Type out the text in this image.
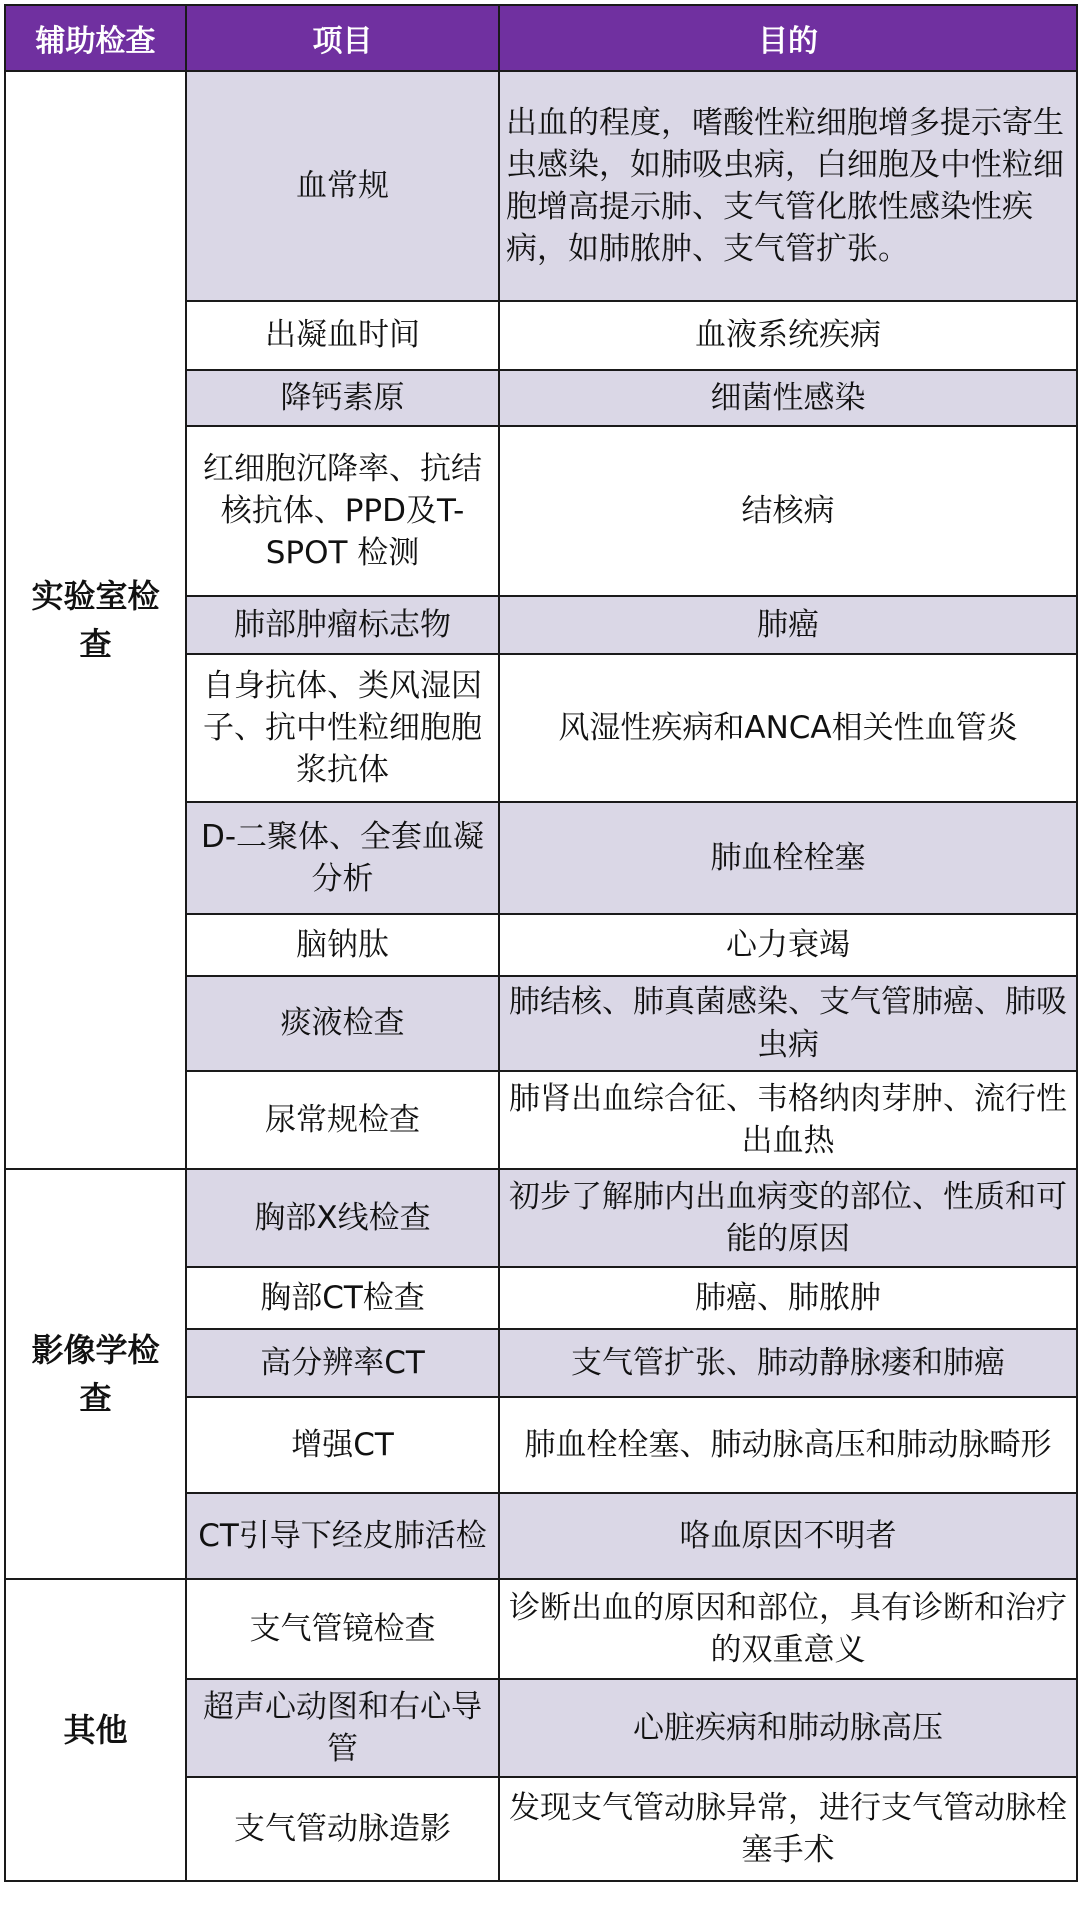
辅助检查	项目	目的
实验室检查	血常规	出血的程度，嗜酸性粒细胞增多提示寄生虫感染，如肺吸虫病，白细胞及中性粒细胞增高提示肺、支气管化脓性感染性疾病，如肺脓肿、支气管扩张。
	出凝血时间	血液系统疾病
	降钙素原	细菌性感染
	红细胞沉降率、抗结核抗体、PPD及T-SPOT 检测	结核病
	肺部肿瘤标志物	肺癌
	自身抗体、类风湿因子、抗中性粒细胞胞浆抗体	风湿性疾病和ANCA相关性血管炎
	D-二聚体、全套血凝分析	肺血栓栓塞
	脑钠肽	心力衰竭
	痰液检查	肺结核、肺真菌感染、支气管肺癌、肺吸虫病
	尿常规检查	肺肾出血综合征、韦格纳肉芽肿、流行性出血热
影像学检查	胸部X线检查	初步了解肺内出血病变的部位、性质和可能的原因
	胸部CT检查	肺癌、肺脓肿
	高分辨率CT	支气管扩张、肺动静脉瘘和肺癌
	增强CT	肺血栓栓塞、肺动脉高压和肺动脉畸形
	CT引导下经皮肺活检	咯血原因不明者
其他	支气管镜检查	诊断出血的原因和部位，具有诊断和治疗的双重意义
	超声心动图和右心导管	心脏疾病和肺动脉高压
	支气管动脉造影	发现支气管动脉异常，进行支气管动脉栓塞手术
